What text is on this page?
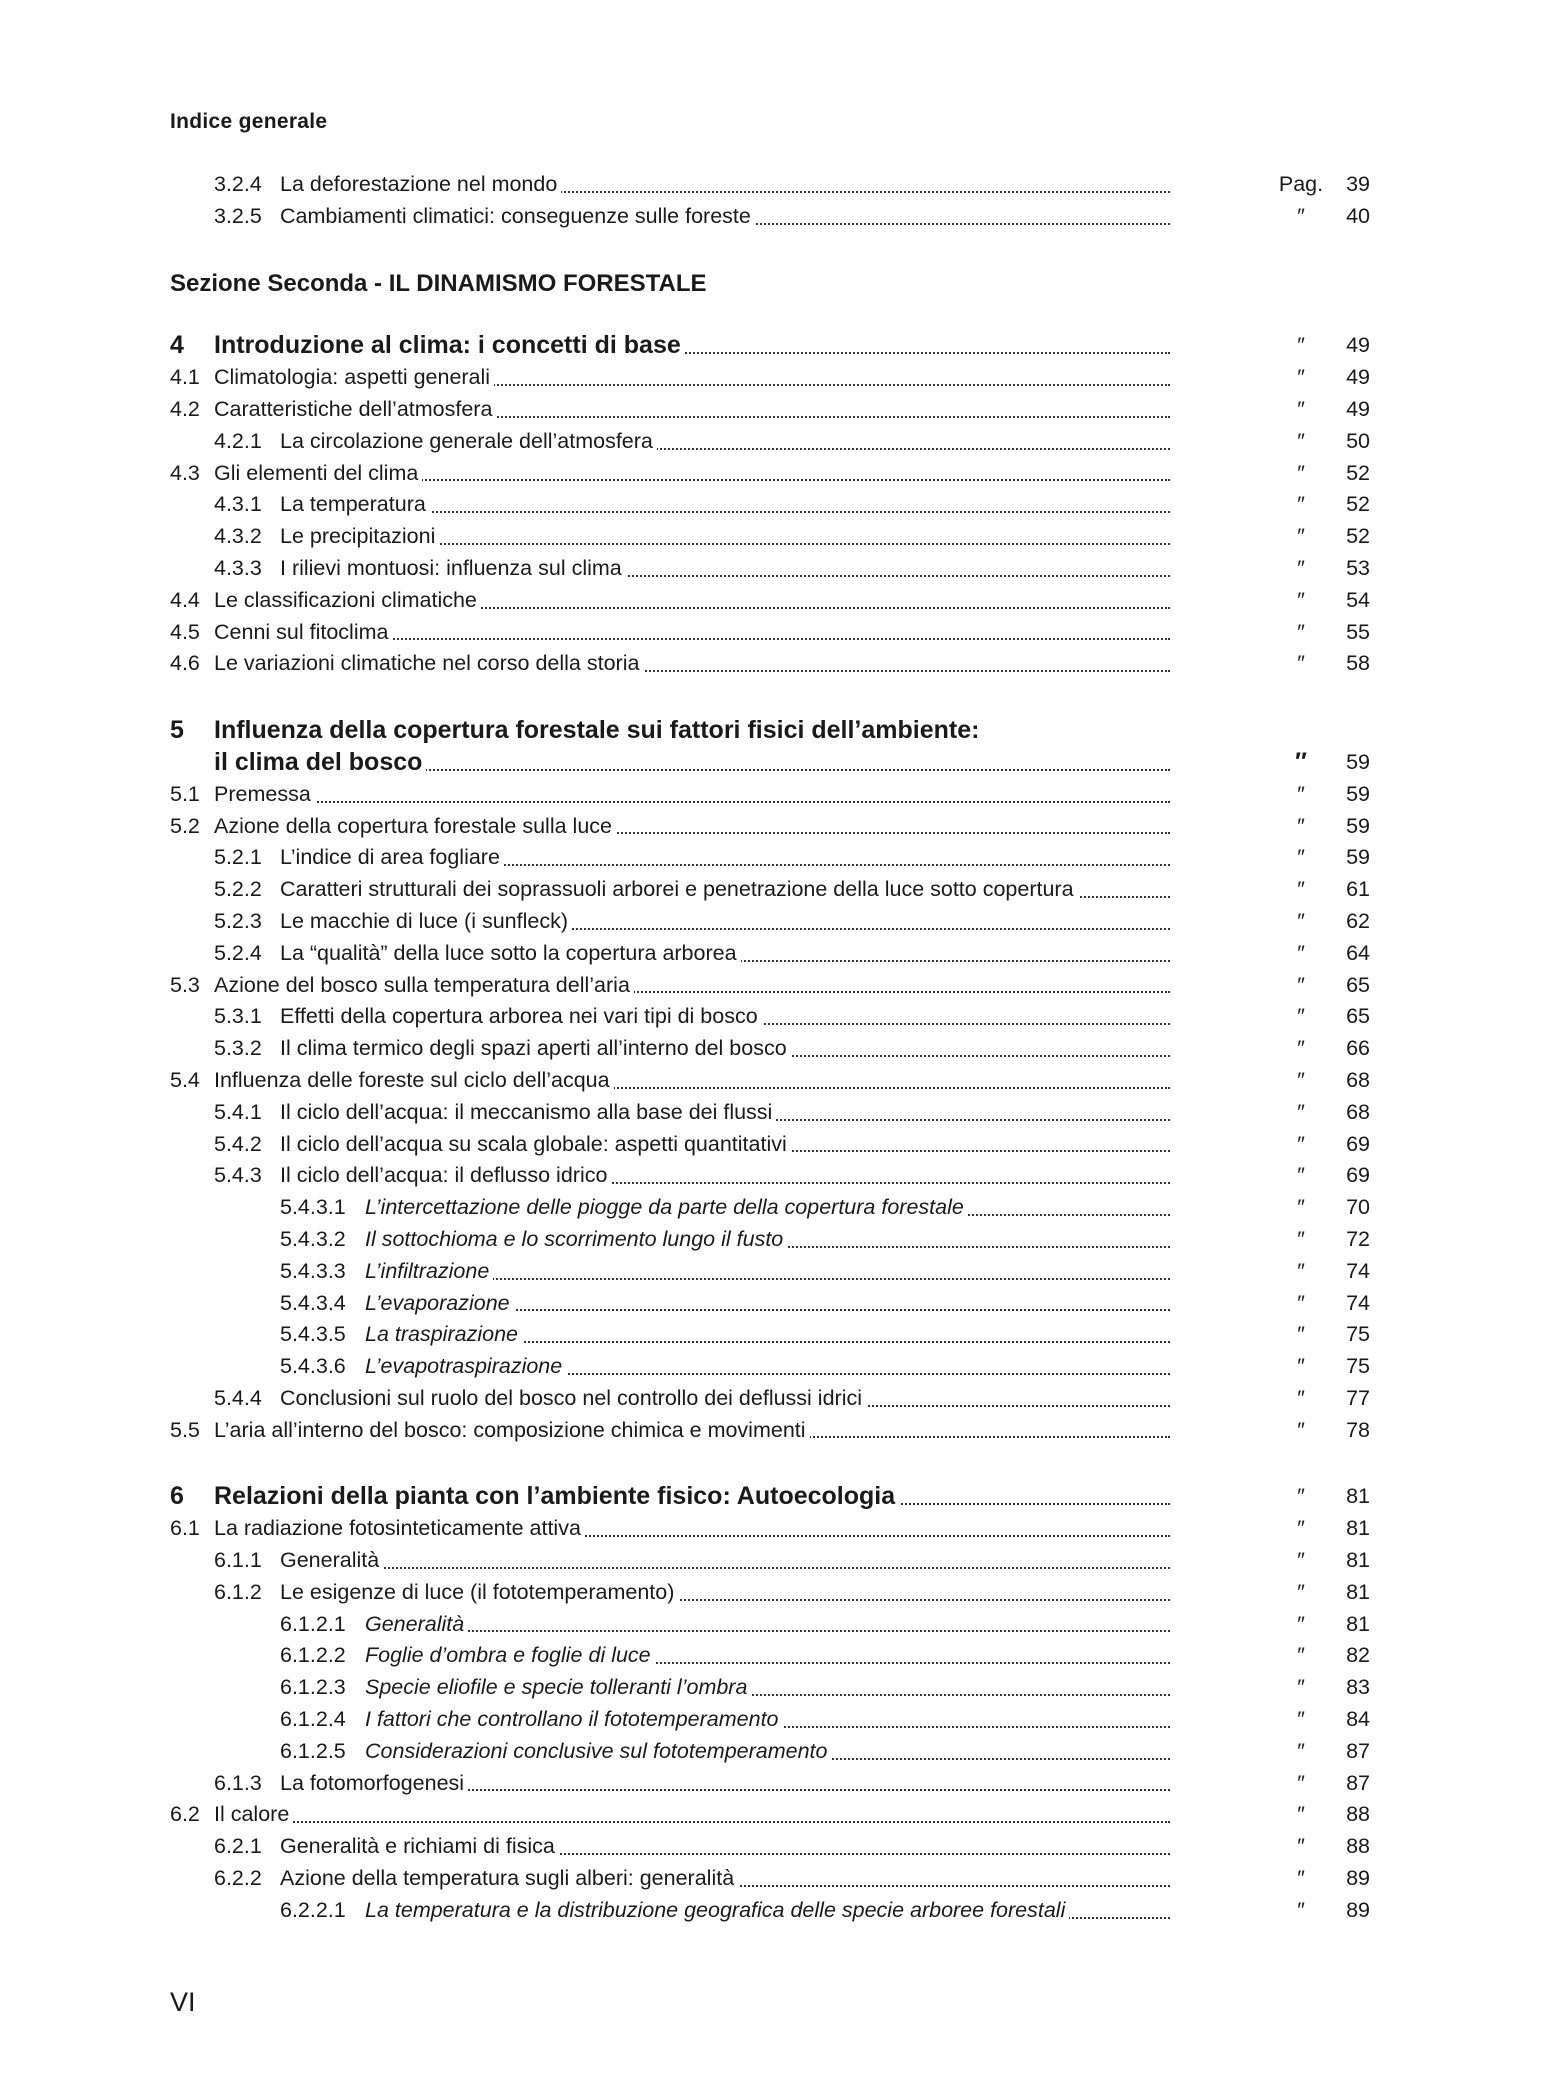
Indice generale
3.2.4 La deforestazione nel mondo	Pag.	39
3.2.5 Cambiamenti climatici: conseguenze sulle foreste	″	40
Sezione Seconda - IL DINAMISMO FORESTALE
4 Introduzione al clima: i concetti di base	″	49
4.1 Climatologia: aspetti generali	″	49
4.2 Caratteristiche dell’atmosfera	″	49
4.2.1 La circolazione generale dell’atmosfera	″	50
4.3 Gli elementi del clima	″	52
4.3.1 La temperatura	″	52
4.3.2 Le precipitazioni	″	52
4.3.3 I rilievi montuosi: influenza sul clima	″	53
4.4 Le classificazioni climatiche	″	54
4.5 Cenni sul fitoclima	″	55
4.6 Le variazioni climatiche nel corso della storia	″	58
5 Influenza della copertura forestale sui fattori fisici dell’ambiente:
il clima del bosco	″	59
5.1 Premessa	″	59
5.2 Azione della copertura forestale sulla luce	″	59
5.2.1 L’indice di area fogliare	″	59
5.2.2 Caratteri strutturali dei soprassuoli arborei e penetrazione della luce sotto copertura	″	61
5.2.3 Le macchie di luce (i sunfleck)	″	62
5.2.4 La “qualità” della luce sotto la copertura arborea	″	64
5.3 Azione del bosco sulla temperatura dell’aria	″	65
5.3.1 Effetti della copertura arborea nei vari tipi di bosco	″	65
5.3.2 Il clima termico degli spazi aperti all’interno del bosco	″	66
5.4 Influenza delle foreste sul ciclo dell’acqua	″	68
5.4.1 Il ciclo dell’acqua: il meccanismo alla base dei flussi	″	68
5.4.2 Il ciclo dell’acqua su scala globale: aspetti quantitativi	″	69
5.4.3 Il ciclo dell’acqua: il deflusso idrico	″	69
5.4.3.1 L’intercettazione delle piogge da parte della copertura forestale	″	70
5.4.3.2 Il sottochioma e lo scorrimento lungo il fusto	″	72
5.4.3.3 L’infiltrazione	″	74
5.4.3.4 L’evaporazione	″	74
5.4.3.5 La traspirazione	″	75
5.4.3.6 L’evapotraspirazione	″	75
5.4.4 Conclusioni sul ruolo del bosco nel controllo dei deflussi idrici	″	77
5.5 L’aria all’interno del bosco: composizione chimica e movimenti	″	78
6 Relazioni della pianta con l’ambiente fisico: Autoecologia	″	81
6.1 La radiazione fotosinteticamente attiva	″	81
6.1.1 Generalità	″	81
6.1.2 Le esigenze di luce (il fototemperamento)	″	81
6.1.2.1 Generalità	″	81
6.1.2.2 Foglie d’ombra e foglie di luce	″	82
6.1.2.3 Specie eliofile e specie tolleranti l’ombra	″	83
6.1.2.4 I fattori che controllano il fototemperamento	″	84
6.1.2.5 Considerazioni conclusive sul fototemperamento	″	87
6.1.3 La fotomorfogenesi	″	87
6.2 Il calore	″	88
6.2.1 Generalità e richiami di fisica	″	88
6.2.2 Azione della temperatura sugli alberi: generalità	″	89
6.2.2.1 La temperatura e la distribuzione geografica delle specie arboree forestali	″	89
VI
